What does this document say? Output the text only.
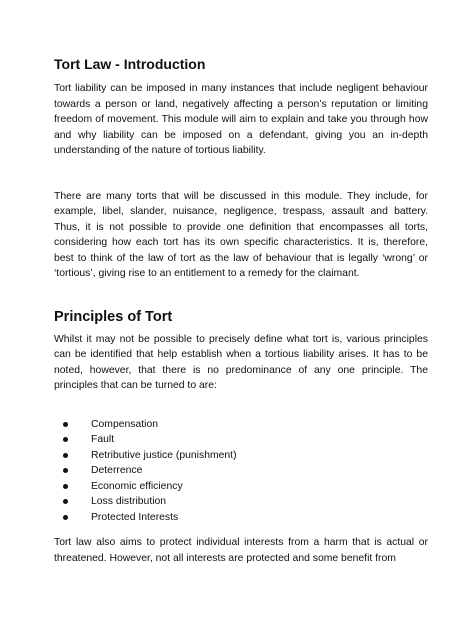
Tort Law - Introduction

Tort liability can be imposed in many instances that include negligent behaviour towards a person or land, negatively affecting a person’s reputation or limiting freedom of movement. This module will aim to explain and take you through how and why liability can be imposed on a defendant, giving you an in-depth understanding of the nature of tortious liability.

There are many torts that will be discussed in this module. They include, for example, libel, slander, nuisance, negligence, trespass, assault and battery. Thus, it is not possible to provide one definition that encompasses all torts, considering how each tort has its own specific characteristics. It is, therefore, best to think of the law of tort as the law of behaviour that is legally ‘wrong’ or ‘tortious’, giving rise to an entitlement to a remedy for the claimant.

Principles of Tort

Whilst it may not be possible to precisely define what tort is, various principles can be identified that help establish when a tortious liability arises. It has to be noted, however, that there is no predominance of any one principle. The principles that can be turned to are:

Compensation
Fault
Retributive justice (punishment)
Deterrence
Economic efficiency
Loss distribution
Protected Interests

Tort law also aims to protect individual interests from a harm that is actual or threatened. However, not all interests are protected and some benefit from
